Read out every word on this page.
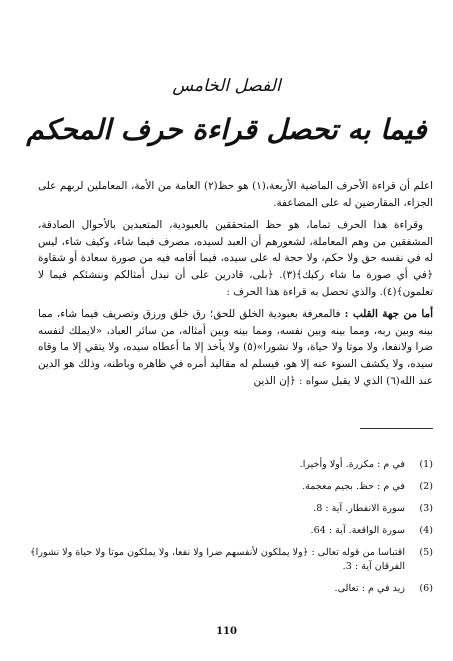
الفصل الخامس
فيما به تحصل قراءة حرف المحكم

اعلم أن قراءة الأحرف الماضية الأربعة،(١) هو حظ(٢) العامة من الأمة، المعاملين لربهم على الجزاء، المقارضين له على المضاعفة.

وقراءة هذا الحرف تماما، هو حظ المتحققين بالعبودية، المتعبدين بالأحوال الصادقة، المشفقين من وهم المعاملة، لشعورهم أن العبد لسيده، مصرف فيما شاء، وكيف شاء، ليس له في نفسه حق ولا حكم، ولا حجة له على سيده، فيما أقامه فيه من صورة سعادة أو شقاوة ﴿في أي صورة ما شاء ركبك﴾(٣). ﴿بلى، قادرين على أن نبدل أمثالكم وننشئكم فيما لا تعلمون﴾(٤). والذي تحصل به قراءة هذا الحرف :

أما من جهة القلب : فالمعرفة بعبودية الخلق للحق؛ رق خلق ورزق وتصريف فيما شاء، مما بينه وبين ربه، ومما بينه وبين نفسه، ومما بينه وبين أمثاله، من سائر العباد، «لايملك لنفسه ضرا ولانفعا، ولا موتا ولا حياة، ولا نشورا»(٥) ولا يأخذ إلا ما أعطاه سيده، ولا يتقي إلا ما وقاه سيده، ولا يكشف السوء عنه إلا هو، فيسلم له مقاليد أمره في ظاهره وباطنه، وذلك هو الدين عند الله(٦) الذي لا يقبل سواه : ﴿إن الذين

(1)
في م : مكررة. أولا وأخيرا.
(2)
في م : حظ. بجيم معجمة.
(3)
سورة الانفطار. آية : 8.
(4)
سورة الواقعة. آية : 64.
(5)
اقتباسا من قوله تعالى : ﴿ولا يملكون لأنفسهم ضرا ولا نفعا، ولا يملكون موتا ولا حياة ولا نشورا﴾ الفرقان آية : 3.
(6)
زيد في م : تعالى.
110
